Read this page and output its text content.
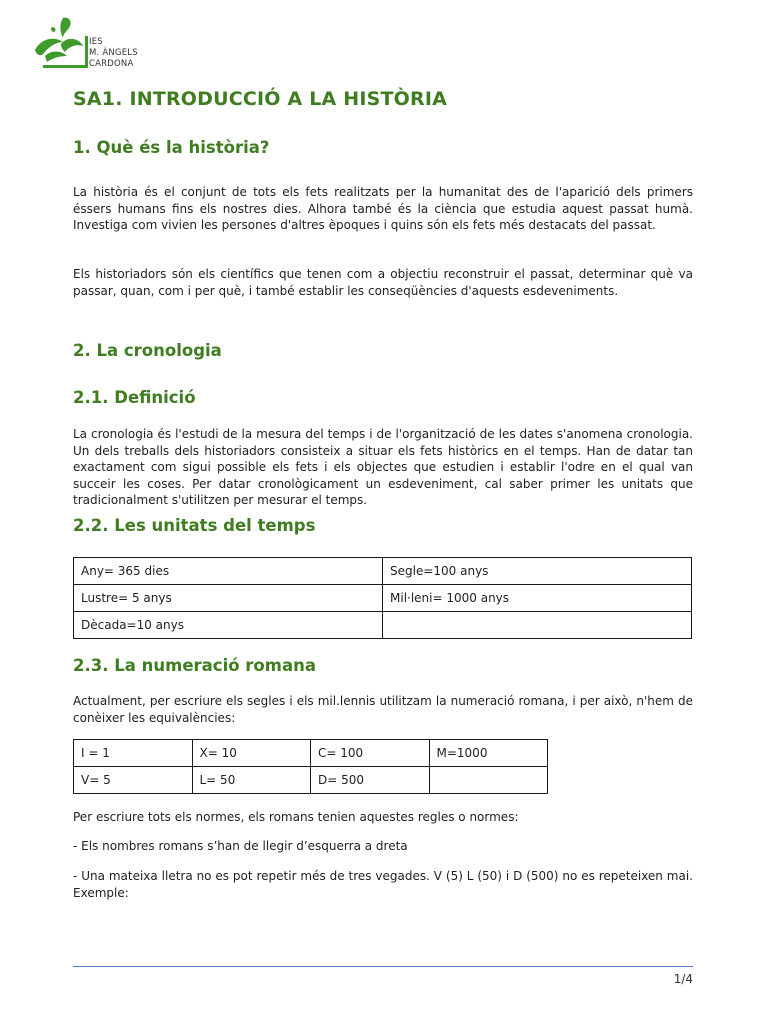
IES
M. ÀNGELS
CARDONA
SA1. INTRODUCCIÓ A LA HISTÒRIA
1. Què és la història?

La història és el conjunt de tots els fets realitzats per la humanitat des de l'aparició dels primers éssers humans fins els nostres dies. Alhora també és la ciència que estudia aquest passat humà. Investiga com vivien les persones d'altres èpoques i quins són els fets més destacats del passat.

Els historiadors són els científics que tenen com a objectiu reconstruir el passat, determinar què va passar, quan, com i per què, i també establir les conseqüències d'aquests esdeveniments.

2. La cronologia
2.1. Definició

La cronologia és l'estudi de la mesura del temps i de l'organització de les dates s'anomena cronologia. Un dels treballs dels historiadors consisteix a situar els fets històrics en el temps. Han de datar tan exactament com sigui possible els fets i els objectes que estudien i establir l'odre en el qual van succeir les coses. Per datar cronològicament un esdeveniment, cal saber primer les unitats que tradicionalment s'utilitzen per mesurar el temps.

2.2. Les unitats del temps
Any= 365 dies	Segle=100 anys
Lustre= 5 anys	Mil·leni= 1000 anys
Dècada=10 anys	
2.3. La numeració romana

Actualment, per escriure els segles i els mil.lennis utilitzam la numeració romana, i per això, n'hem de conèixer les equivalències:

I = 1	X= 10	C= 100	M=1000
V= 5	L= 50	D= 500	

Per escriure tots els normes, els romans tenien aquestes regles o normes:

- Els nombres romans s’han de llegir d’esquerra a dreta

- Una mateixa lletra no es pot repetir més de tres vegades. V (5) L (50) i D (500) no es repeteixen mai. Exemple:

1/4
